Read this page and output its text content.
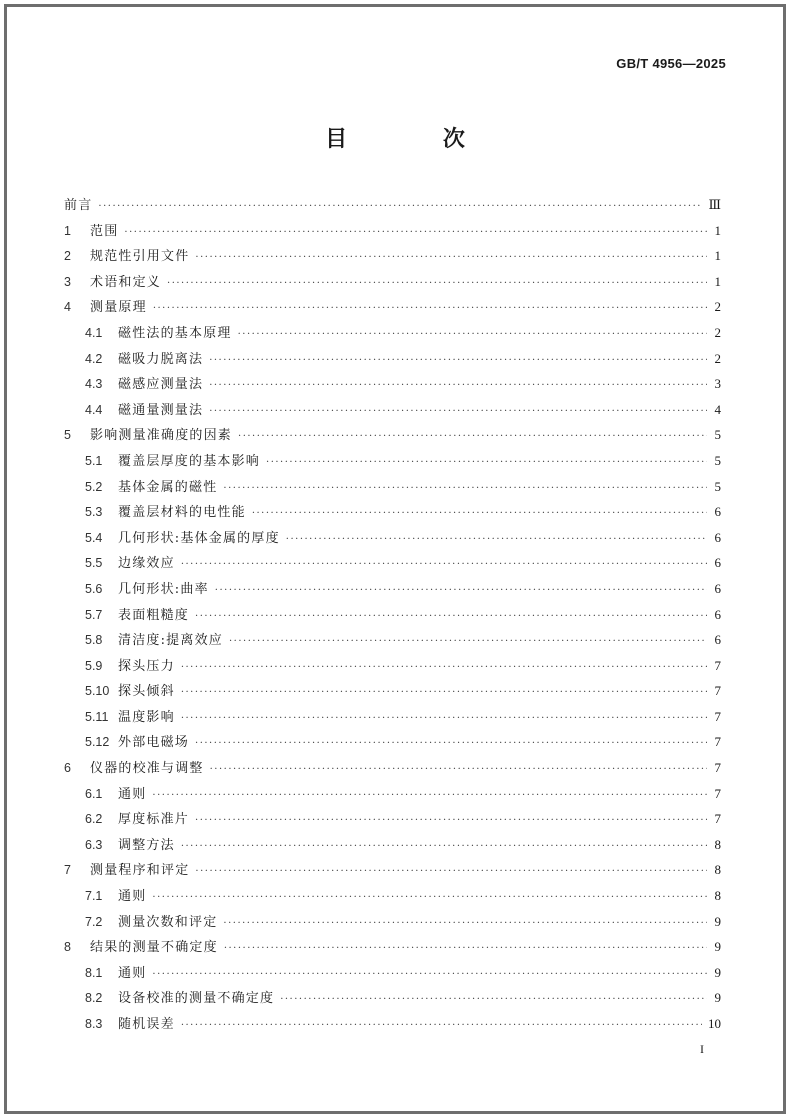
GB/T 4956—2025
目 次
前言 ·····	Ⅲ
1	范围 ·····	1
2	规范性引用文件 ·····	1
3	术语和定义 ·····	1
4	测量原理 ·····	2
4.1	磁性法的基本原理 ·····	2
4.2	磁吸力脱离法 ·····	2
4.3	磁感应测量法 ·····	3
4.4	磁通量测量法 ·····	4
5	影响测量准确度的因素 ·····	5
5.1	覆盖层厚度的基本影响 ·····	5
5.2	基体金属的磁性 ·····	5
5.3	覆盖层材料的电性能 ·····	6
5.4	几何形状:基体金属的厚度 ·····	6
5.5	边缘效应 ·····	6
5.6	几何形状:曲率 ·····	6
5.7	表面粗糙度 ·····	6
5.8	清洁度:提离效应 ·····	6
5.9	探头压力 ·····	7
5.10 探头倾斜 ·····	7
5.11 温度影响 ·····	7
5.12 外部电磁场 ·····	7
6	仪器的校准与调整 ·····	7
6.1	通则 ·····	7
6.2	厚度标准片 ·····	7
6.3	调整方法 ·····	8
7	测量程序和评定 ·····	8
7.1	通则 ·····	8
7.2	测量次数和评定 ·····	9
8	结果的测量不确定度 ·····	9
8.1	通则 ·····	9
8.2	设备校准的测量不确定度 ·····	9
8.3	随机误差 ·····	10
I
